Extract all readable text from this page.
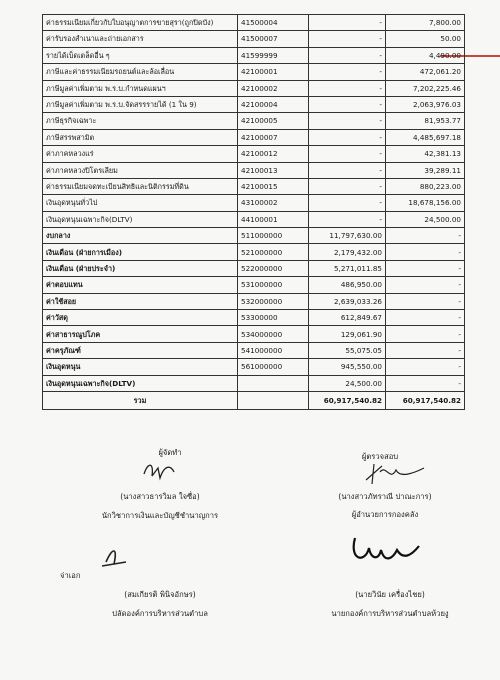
ค่าธรรมเนียมเกี่ยวกับใบอนุญาตการขายสุรา(ถูกปิดบัง)	41500004	-	7,800.00
ค่ารับรองสำเนาและถ่ายเอกสาร	41500007	-	50.00
รายได้เบ็ดเตล็ดอื่น ๆ	41599999	-	4,490.00
ภาษีและค่าธรรมเนียมรถยนต์และล้อเลื่อน	42100001	-	472,061.20
ภาษีมูลค่าเพิ่มตาม พ.ร.บ.กำหนดแผนฯ	42100002	-	7,202,225.46
ภาษีมูลค่าเพิ่มตาม พ.ร.บ.จัดสรรรายได้ (1 ใน 9)	42100004	-	2,063,976.03
ภาษีธุรกิจเฉพาะ	42100005	-	81,953.77
ภาษีสรรพสามิต	42100007	-	4,485,697.18
ค่าภาคหลวงแร่	42100012	-	42,381.13
ค่าภาคหลวงปิโตรเลียม	42100013	-	39,289.11
ค่าธรรมเนียมจดทะเบียนสิทธิและนิติกรรมที่ดิน	42100015	-	880,223.00
เงินอุดหนุนทั่วไป	43100002	-	18,678,156.00
เงินอุดหนุนเฉพาะกิจ(DLTV)	44100001	-	24,500.00
งบกลาง	511000000	11,797,630.00	-
เงินเดือน (ฝ่ายการเมือง)	521000000	2,179,432.00	-
เงินเดือน (ฝ่ายประจำ)	522000000	5,271,011.85	-
ค่าตอบแทน	531000000	486,950.00	-
ค่าใช้สอย	532000000	2,639,033.26	-
ค่าวัสดุ	53300000	612,849.67	-
ค่าสาธารณูปโภค	534000000	129,061.90	-
ค่าครุภัณฑ์	541000000	55,075.05	-
เงินอุดหนุน	561000000	945,550.00	-
เงินอุดหนุนเฉพาะกิจ(DLTV)		24,500.00	-
รวม		60,917,540.82	60,917,540.82
ผู้จัดทำ
(นางสาวธารวิมล ใจซื่อ)
นักวิชาการเงินและบัญชีชำนาญการ
ผู้ตรวจสอบ
(นางสาวภัทราณี ปาณะการ)
ผู้อำนวยการกองคลัง
จ่าเอก
(สมเกียรติ พินิจอักษร)
ปลัดองค์การบริหารส่วนตำบล
(นายวินัย เครื่องไชย)
นายกองค์การบริหารส่วนตำบลห้วยงู
